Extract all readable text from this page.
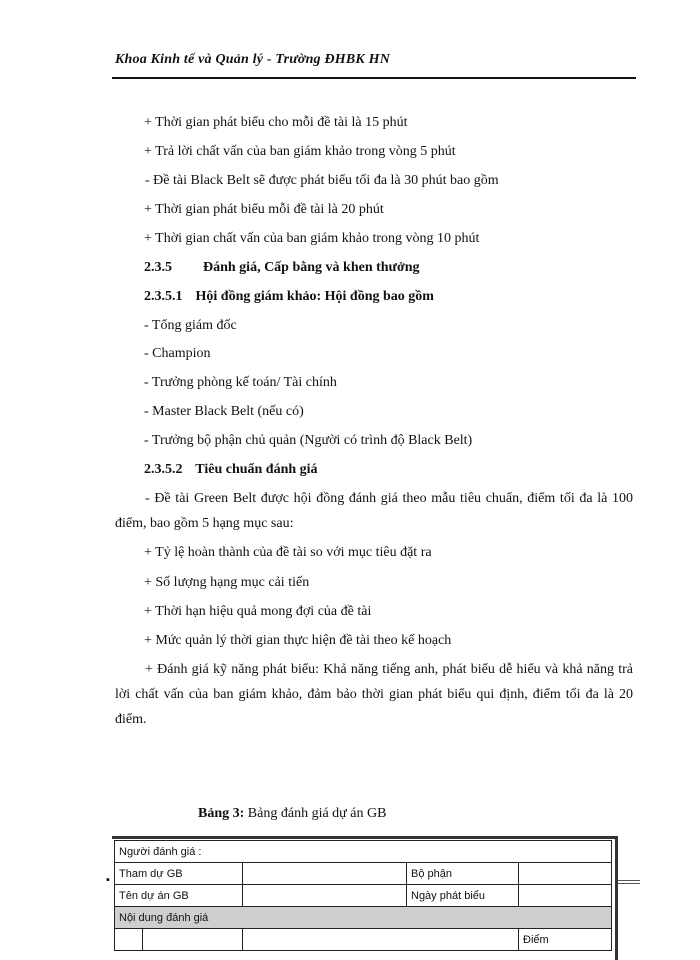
Khoa Kinh tế và Quản lý - Trường ĐHBK HN
+ Thời gian phát biểu cho mỗi đề tài là 15 phút
+ Trả lời chất vấn của ban giám khảo trong vòng 5 phút
- Đề tài Black Belt sẽ được phát biểu tối đa là 30 phút bao gồm
+ Thời gian phát biểu mỗi đề tài là 20 phút
+ Thời gian chất vấn của ban giám khảo trong vòng 10 phút
2.3.5 Đánh giá, Cấp bằng và khen thưởng
2.3.5.1 Hội đồng giám khảo: Hội đồng bao gồm
- Tổng giám đốc
- Champion
- Trưởng phòng kế toán/ Tài chính
- Master Black Belt (nếu có)
- Trưởng bộ phận chủ quản (Người có trình độ Black Belt)
2.3.5.2 Tiêu chuẩn đánh giá
- Đề tài Green Belt được hội đồng đánh giá theo mẫu tiêu chuẩn, điểm tối đa là 100 điểm, bao gồm 5 hạng mục sau:
+ Tỷ lệ hoàn thành của đề tài so với mục tiêu đặt ra
+ Số lượng hạng mục cải tiến
+ Thời hạn hiệu quả mong đợi của đề tài
+ Mức quản lý thời gian thực hiện đề tài theo kế hoạch
+ Đánh giá kỹ năng phát biểu: Khả năng tiếng anh, phát biểu dễ hiểu và khả năng trả lời chất vấn của ban giám khảo, đảm bảo thời gian phát biểu qui định, điểm tối đa là 20 điểm.
Bảng 3: Bảng đánh giá dự án GB
▪
Người đánh giá :				
Tham dự GB			Bộ phận	
Tên dự án GB			Ngày phát biểu	
Nội dung đánh giá				
				Điểm
